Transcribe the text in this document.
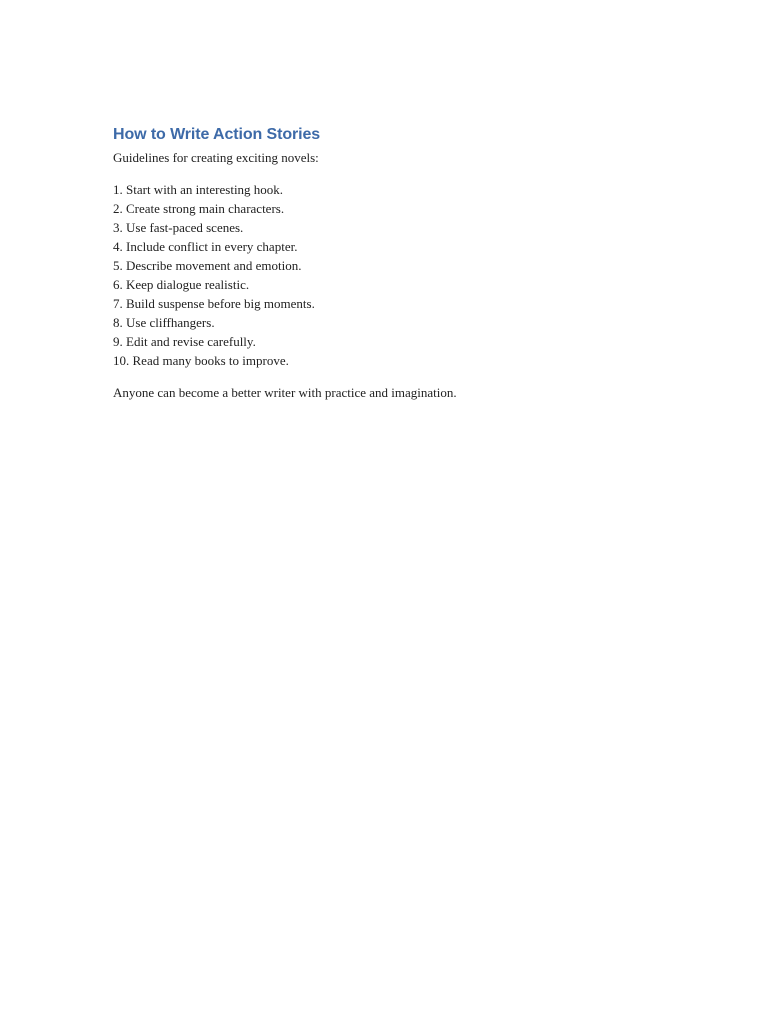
How to Write Action Stories

Guidelines for creating exciting novels:

1. Start with an interesting hook.
2. Create strong main characters.
3. Use fast-paced scenes.
4. Include conflict in every chapter.
5. Describe movement and emotion.
6. Keep dialogue realistic.
7. Build suspense before big moments.
8. Use cliffhangers.
9. Edit and revise carefully.
10. Read many books to improve.

Anyone can become a better writer with practice and imagination.
